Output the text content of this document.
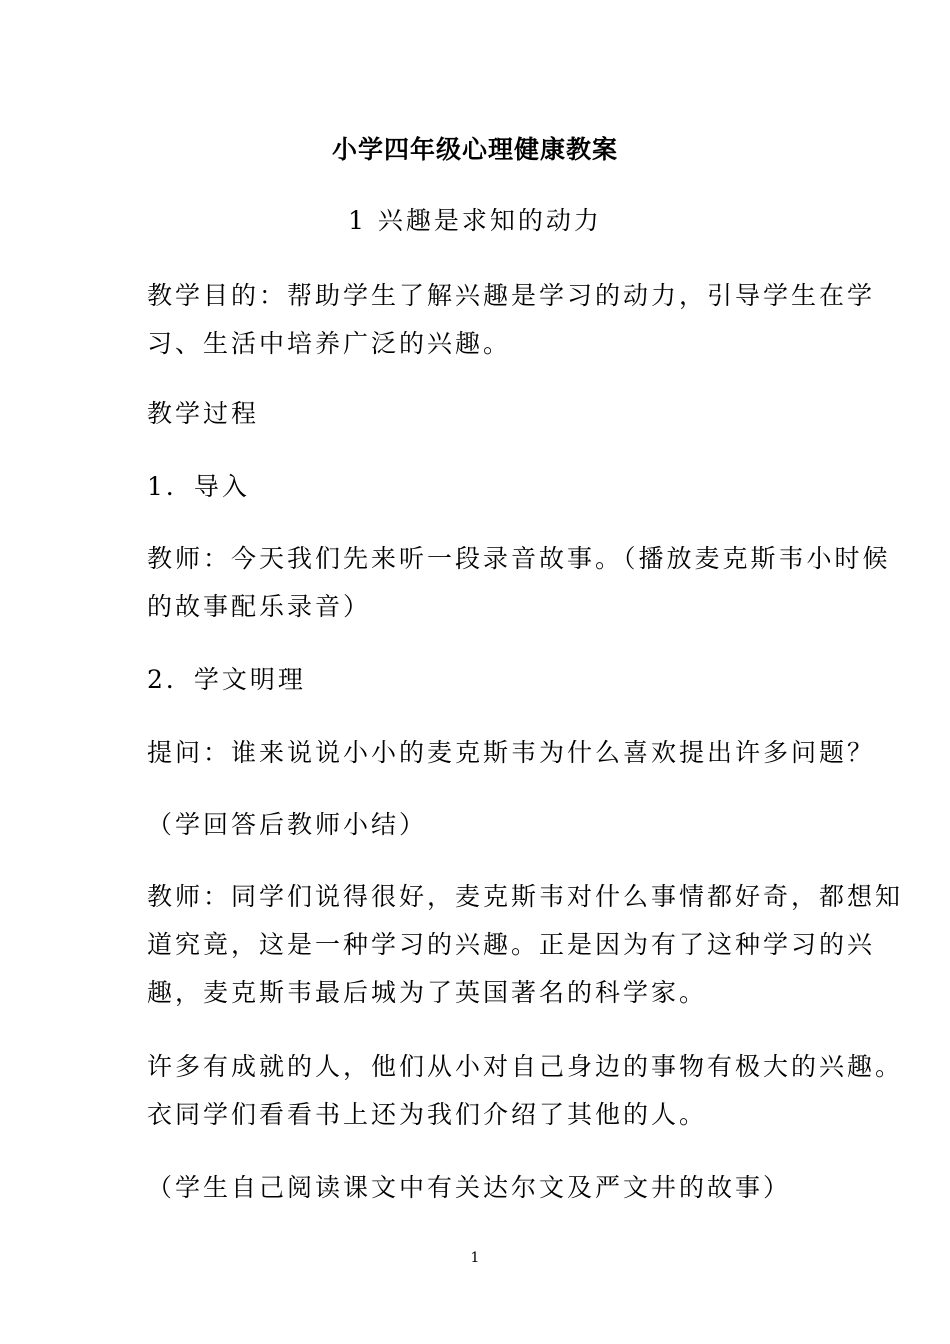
小学四年级心理健康教案
1 兴趣是求知的动力
教学目的：帮助学生了解兴趣是学习的动力，引导学生在学
习、生活中培养广泛的兴趣。
教学过程
1．导入
教师：今天我们先来听一段录音故事。（播放麦克斯韦小时候
的故事配乐录音）
2．学文明理
提问：谁来说说小小的麦克斯韦为什么喜欢提出许多问题？
（学回答后教师小结）
教师：同学们说得很好，麦克斯韦对什么事情都好奇，都想知
道究竟，这是一种学习的兴趣。正是因为有了这种学习的兴
趣，麦克斯韦最后城为了英国著名的科学家。
许多有成就的人，他们从小对自己身边的事物有极大的兴趣。
衣同学们看看书上还为我们介绍了其他的人。
（学生自己阅读课文中有关达尔文及严文井的故事）
1
